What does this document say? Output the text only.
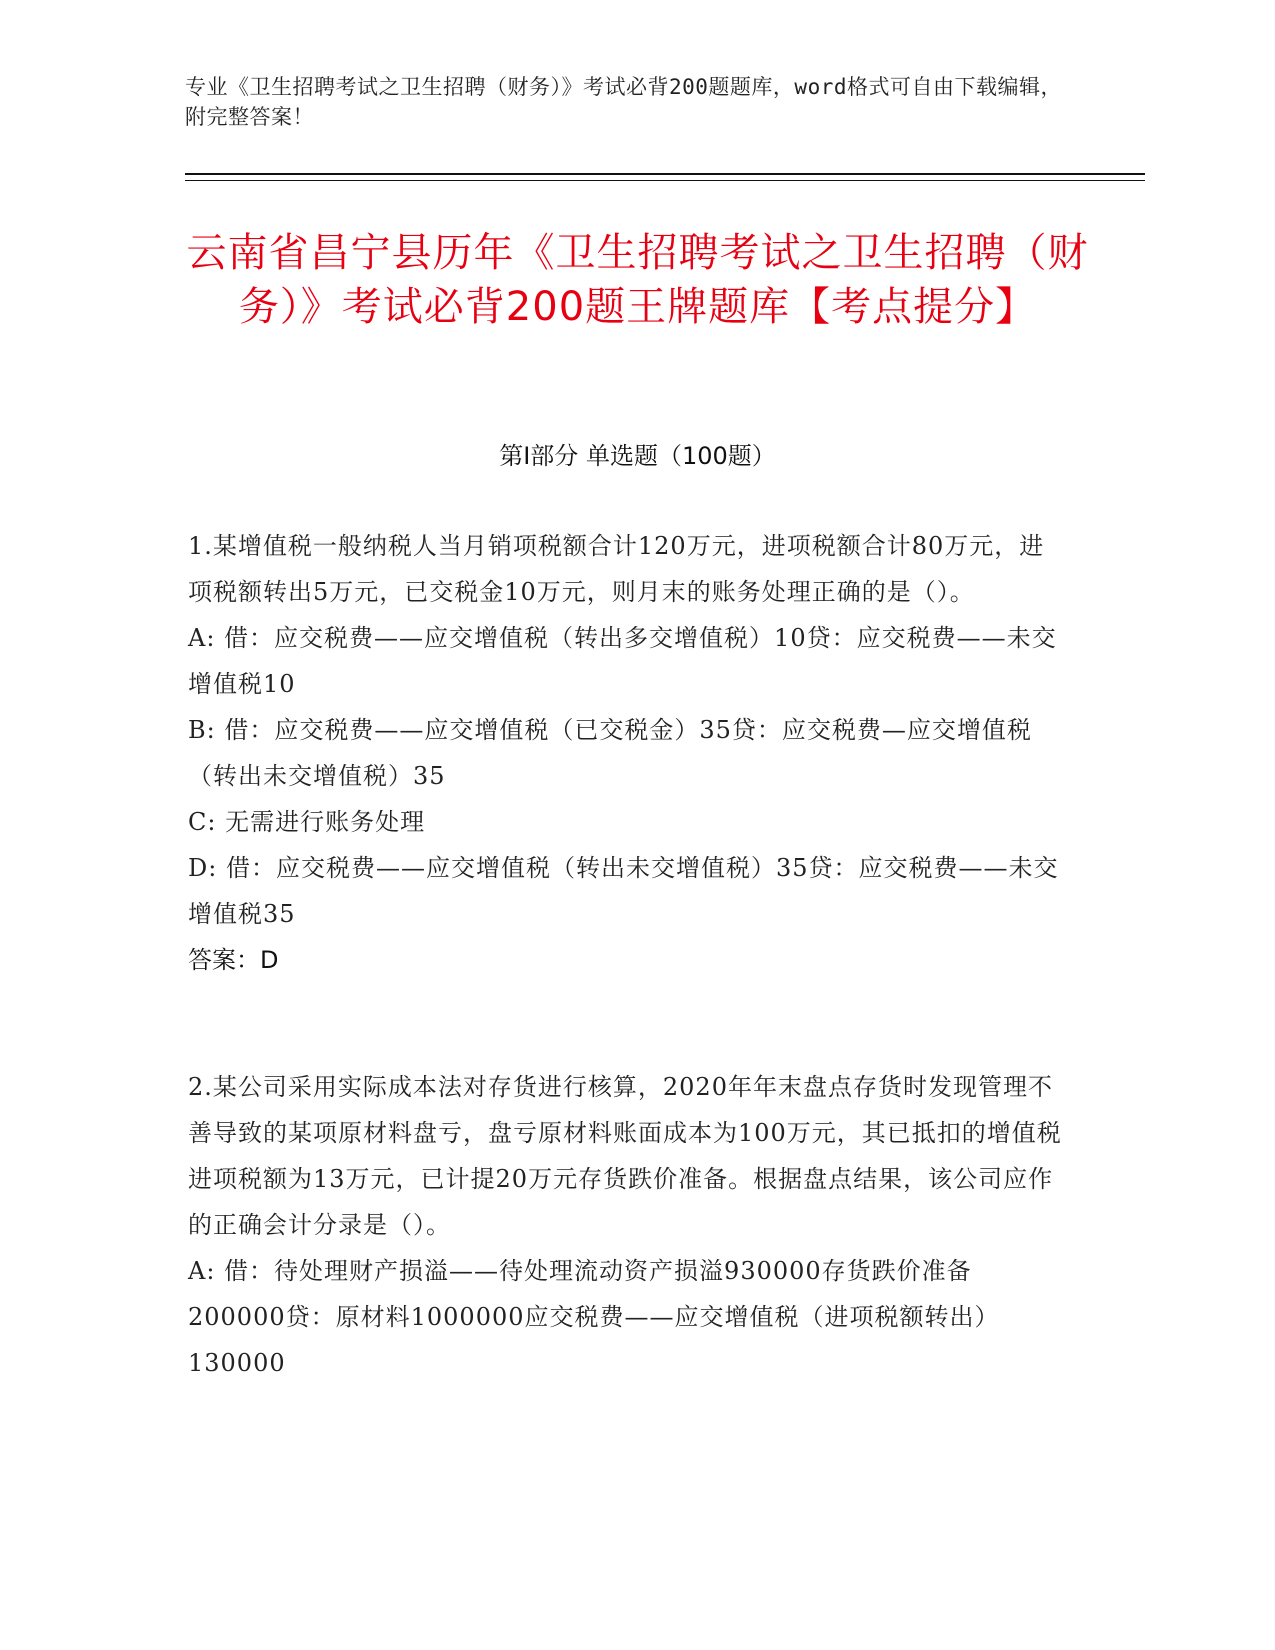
专业《卫生招聘考试之卫生招聘（财务）》考试必背200题题库，word格式可自由下载编辑，附完整答案！
云南省昌宁县历年《卫生招聘考试之卫生招聘（财务）》考试必背200题王牌题库【考点提分】
第Ⅰ部分 单选题（100题）

1.某增值税一般纳税人当月销项税额合计120万元，进项税额合计80万元，进项税额转出5万元，已交税金10万元，则月末的账务处理正确的是（）。

A: 借：应交税费——应交增值税（转出多交增值税）10贷：应交税费——未交增值税10

B: 借：应交税费——应交增值税（已交税金）35贷：应交税费—应交增值税（转出未交增值税）35

C: 无需进行账务处理

D: 借：应交税费——应交增值税（转出未交增值税）35贷：应交税费——未交增值税35

答案：D

2.某公司采用实际成本法对存货进行核算，2020年年末盘点存货时发现管理不善导致的某项原材料盘亏，盘亏原材料账面成本为100万元，其已抵扣的增值税进项税额为13万元，已计提20万元存货跌价准备。根据盘点结果，该公司应作的正确会计分录是（）。

A: 借：待处理财产损溢——待处理流动资产损溢930000存货跌价准备200000贷：原材料1000000应交税费——应交增值税（进项税额转出）130000
